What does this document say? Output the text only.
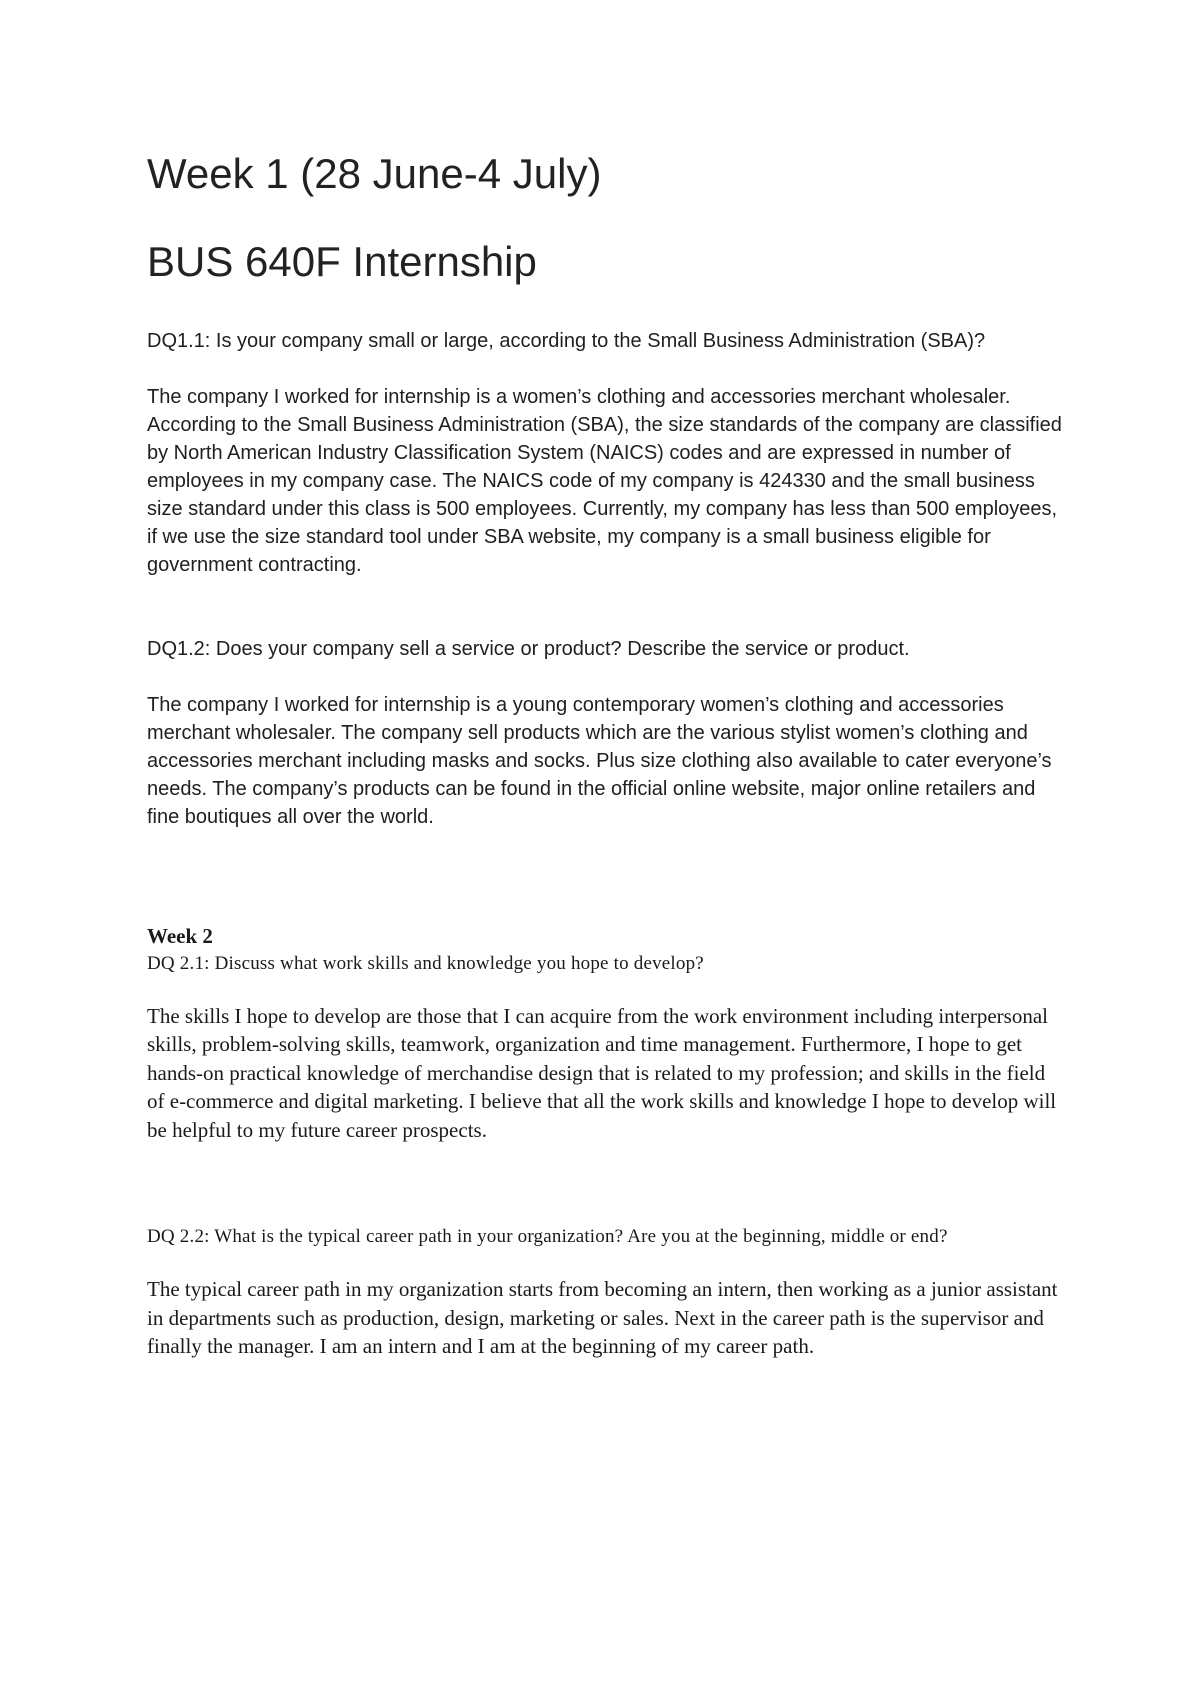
Week 1 (28 June-4 July)
BUS 640F Internship

DQ1.1: Is your company small or large, according to the Small Business Administration (SBA)?

The company I worked for internship is a women’s clothing and accessories merchant wholesaler. According to the Small Business Administration (SBA), the size standards of the company are classified by North American Industry Classification System (NAICS) codes and are expressed in number of employees in my company case. The NAICS code of my company is 424330 and the small business size standard under this class is 500 employees. Currently, my company has less than 500 employees, if we use the size standard tool under SBA website, my company is a small business eligible for government contracting.

DQ1.2: Does your company sell a service or product? Describe the service or product.

The company I worked for internship is a young contemporary women’s clothing and accessories merchant wholesaler. The company sell products which are the various stylist women’s clothing and accessories merchant including masks and socks. Plus size clothing also available to cater everyone’s needs. The company’s products can be found in the official online website, major online retailers and fine boutiques all over the world.

Week 2

DQ 2.1: Discuss what work skills and knowledge you hope to develop?

The skills I hope to develop are those that I can acquire from the work environment including interpersonal skills, problem-solving skills, teamwork, organization and time management. Furthermore, I hope to get hands-on practical knowledge of merchandise design that is related to my profession; and skills in the field of e-commerce and digital marketing. I believe that all the work skills and knowledge I hope to develop will be helpful to my future career prospects.

DQ 2.2: What is the typical career path in your organization? Are you at the beginning, middle or end?

The typical career path in my organization starts from becoming an intern, then working as a junior assistant in departments such as production, design, marketing or sales. Next in the career path is the supervisor and finally the manager. I am an intern and I am at the beginning of my career path.
